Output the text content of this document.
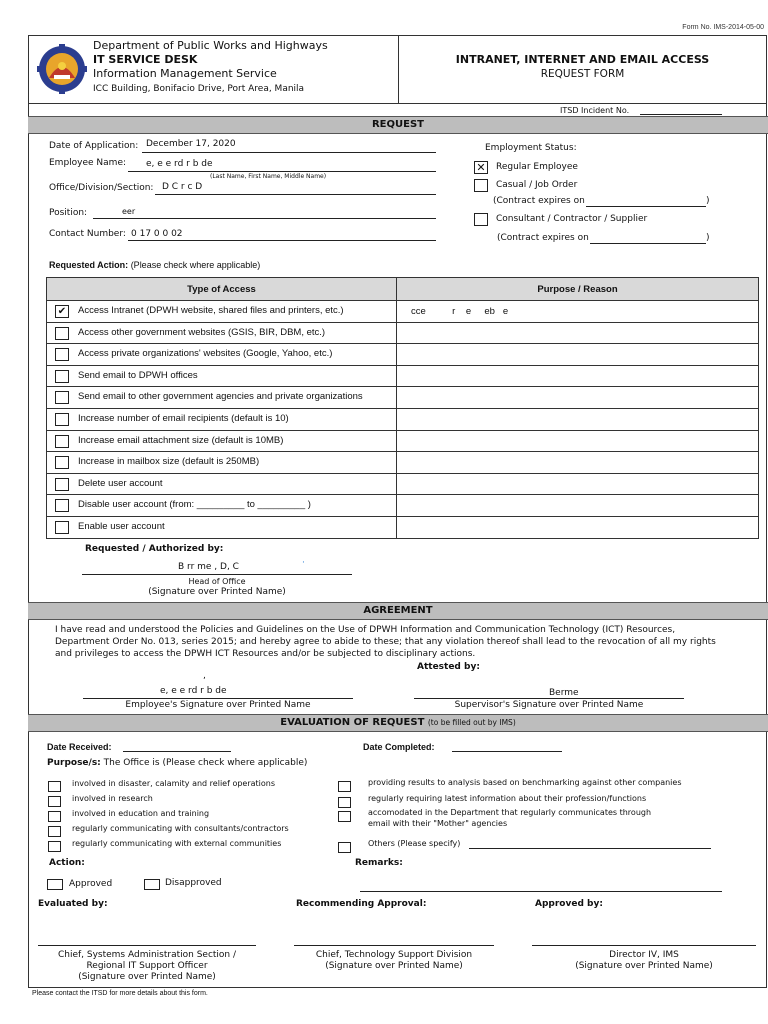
Form No. IMS-2014-05-00
Department of Public Works and Highways
IT SERVICE DESK
Information Management Service
ICC Building, Bonifacio Drive, Port Area, Manila
INTRANET, INTERNET AND EMAIL ACCESS
REQUEST FORM
ITSD Incident No.
REQUEST
Date of Application: December 17, 2020
Employee Name: e, e e rd r b de
(Last Name, First Name, Middle Name)
Office/Division/Section: D C r c D
Position:	eer
Contact Number: 0 17 0 0 02
Employment Status:
✕ Regular Employee
Casual / Job Order
(Contract expires on	)
Consultant / Contractor / Supplier
(Contract expires on	)
Requested Action: (Please check where applicable)
Type of Access	Purpose / Reason

✔ Access Intranet (DPWH website, shared files and printers, etc.)	cce          r    e     eb   e

Access other government websites (GSIS, BIR, DBM, etc.)	

Access private organizations' websites (Google, Yahoo, etc.)	

Send email to DPWH offices	

Send email to other government agencies and private organizations	

Increase number of email recipients (default is 10)	

Increase email attachment size (default is 10MB)	

Increase in mailbox size (default is 250MB)	

Delete user account	

Disable user account (from: _________ to _________ )	

Enable user account	

Requested / Authorized by:
B rr me , D, C	·
Head of Office
(Signature over Printed Name)
AGREEMENT
I have read and understood the Policies and Guidelines on the Use of DPWH Information and Communication Technology (ICT) Resources,
Department Order No. 013, series 2015; and hereby agree to abide to these; that any violation thereof shall lead to the revocation of all my rights
and privileges to access the DPWH ICT Resources and/or be subjected to disciplinary actions.
Attested by:
,
e, e e rd r b de
Employee's Signature over Printed Name
Berme
Supervisor's Signature over Printed Name
EVALUATION OF REQUEST (to be filled out by IMS)
Date Received:	Date Completed:
Purpose/s: The Office is (Please check where applicable)
involved in disaster, calamity and relief operations
involved in research
involved in education and training
regularly communicating with consultants/contractors
regularly communicating with external communities
providing results to analysis based on benchmarking against other companies
regularly requiring latest information about their profession/functions
accomodated in the Department that regularly communicates through
Others (Please specify)
email with their "Mother" agencies
Action:	Remarks:
Approved	Disapproved
Evaluated by:	Recommending Approval:	Approved by:
Chief, Systems Administration Section /
Regional IT Support Officer
(Signature over Printed Name)
Chief, Technology Support Division
(Signature over Printed Name)
Director IV, IMS
(Signature over Printed Name)
Please contact the ITSD for more details about this form.
